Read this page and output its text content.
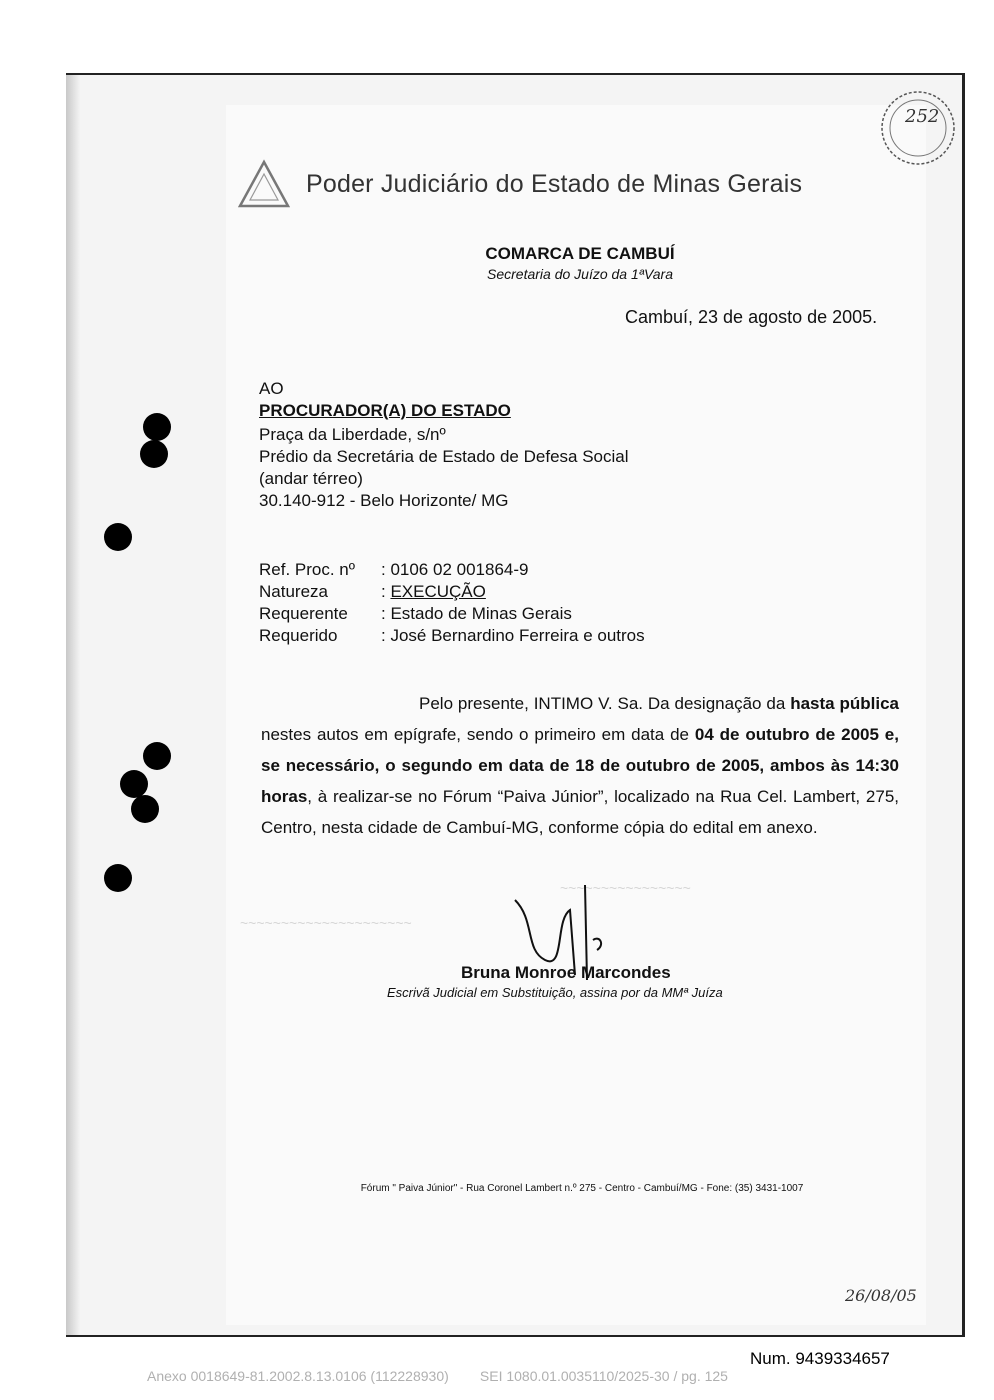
~~~~~~~~~~~~~~~~
~~~~~~~~~~~~~~~~~~~~~
252
Poder Judiciário do Estado de Minas Gerais
COMARCA DE CAMBUÍ
Secretaria do Juízo da 1ªVara
Cambuí, 23 de agosto de 2005.
AO
PROCURADOR(A) DO ESTADO
Praça da Liberdade, s/nº
Prédio da Secretária de Estado de Defesa Social
(andar térreo)
30.140-912 - Belo Horizonte/ MG
Ref. Proc. nº	: 0106 02 001864-9
Natureza	: EXECUÇÃO
Requerente	: Estado de Minas Gerais
Requerido	: José Bernardino Ferreira e outros
Pelo presente, INTIMO V. Sa. Da designação da hasta pública nestes autos em epígrafe, sendo o primeiro em data de 04 de outubro de 2005 e, se necessário, o segundo em data de 18 de outubro de 2005, ambos às 14:30 horas, à realizar-se no Fórum “Paiva Júnior”, localizado na Rua Cel. Lambert, 275, Centro, nesta cidade de Cambuí-MG, conforme cópia do edital em anexo.
Bruna Monroe Marcondes
Escrivã Judicial em Substituição, assina por da MMª Juíza
Fórum " Paiva Júnior" - Rua Coronel Lambert n.º 275 - Centro - Cambuí/MG - Fone: (35) 3431-1007
26/08/05
Num. 9439334657
Anexo 0018649-81.2002.8.13.0106 (112228930)        SEI 1080.01.0035110/2025-30 / pg. 125
